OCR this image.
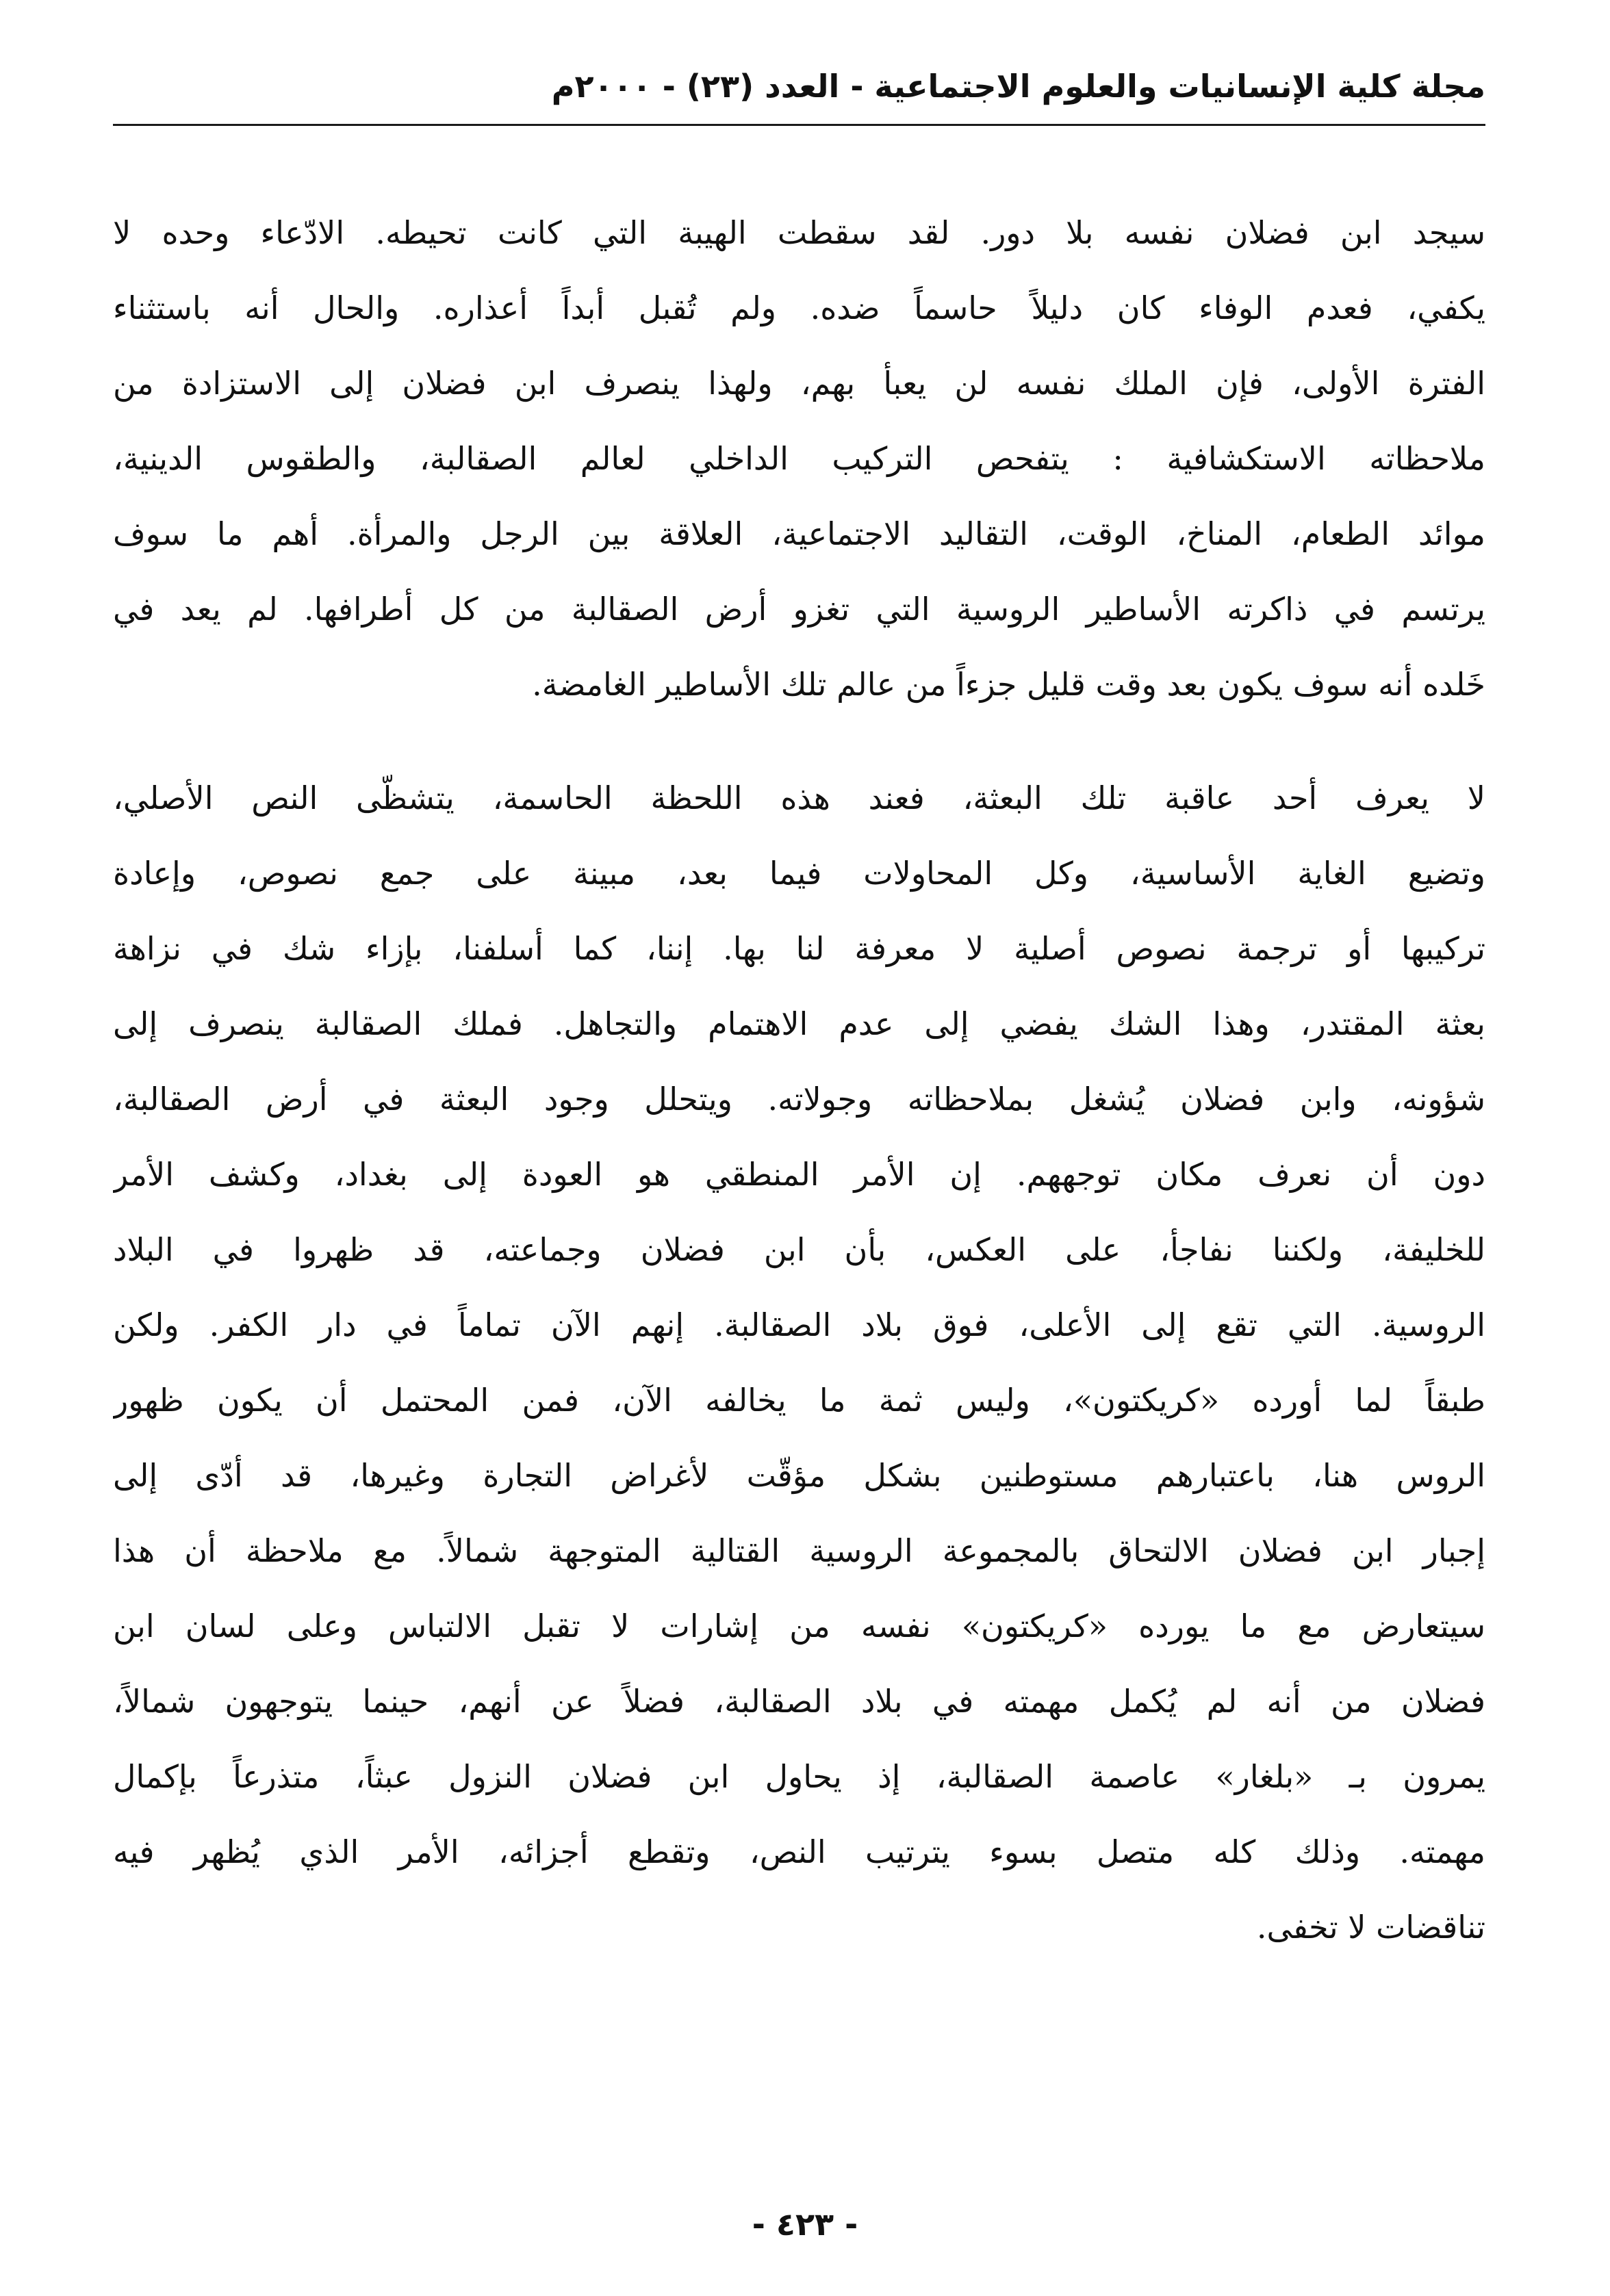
مجلة كلية الإنسانيات والعلوم الاجتماعية - العدد (٢٣) - ٢٠٠٠م
سيجد ابن فضلان نفسه بلا دور. لقد سقطت الهيبة التي كانت تحيطه. الادّعاء وحده لا
يكفي، فعدم الوفاء كان دليلاً حاسماً ضده. ولم تُقبل أبداً أعذاره. والحال أنه باستثناء
الفترة الأولى، فإن الملك نفسه لن يعبأ بهم، ولهذا ينصرف ابن فضلان إلى الاستزادة من
ملاحظاته الاستكشافية : يتفحص التركيب الداخلي لعالم الصقالبة، والطقوس الدينية،
موائد الطعام، المناخ، الوقت، التقاليد الاجتماعية، العلاقة بين الرجل والمرأة. أهم ما سوف
يرتسم في ذاكرته الأساطير الروسية التي تغزو أرض الصقالبة من كل أطرافها. لم يعد في
خَلده أنه سوف يكون بعد وقت قليل جزءاً من عالم تلك الأساطير الغامضة.
لا يعرف أحد عاقبة تلك البعثة، فعند هذه اللحظة الحاسمة، يتشظّى النص الأصلي،
وتضيع الغاية الأساسية، وكل المحاولات فيما بعد، مبينة على جمع نصوص، وإعادة
تركيبها أو ترجمة نصوص أصلية لا معرفة لنا بها. إننا، كما أسلفنا، بإزاء شك في نزاهة
بعثة المقتدر، وهذا الشك يفضي إلى عدم الاهتمام والتجاهل. فملك الصقالبة ينصرف إلى
شؤونه، وابن فضلان يُشغل بملاحظاته وجولاته. ويتحلل وجود البعثة في أرض الصقالبة،
دون أن نعرف مكان توجههم. إن الأمر المنطقي هو العودة إلى بغداد، وكشف الأمر
للخليفة، ولكننا نفاجأ، على العكس، بأن ابن فضلان وجماعته، قد ظهروا في البلاد
الروسية. التي تقع إلى الأعلى، فوق بلاد الصقالبة. إنهم الآن تماماً في دار الكفر. ولكن
طبقاً لما أورده «كريكتون»، وليس ثمة ما يخالفه الآن، فمن المحتمل أن يكون ظهور
الروس هنا، باعتبارهم مستوطنين بشكل مؤقّت لأغراض التجارة وغيرها، قد أدّى إلى
إجبار ابن فضلان الالتحاق بالمجموعة الروسية القتالية المتوجهة شمالاً. مع ملاحظة أن هذا
سيتعارض مع ما يورده «كريكتون» نفسه من إشارات لا تقبل الالتباس وعلى لسان ابن
فضلان من أنه لم يُكمل مهمته في بلاد الصقالبة، فضلاً عن أنهم، حينما يتوجهون شمالاً،
يمرون بـ «بلغار» عاصمة الصقالبة، إذ يحاول ابن فضلان النزول عبثاً، متذرعاً بإكمال
مهمته. وذلك كله متصل بسوء يترتيب النص، وتقطع أجزائه، الأمر الذي يُظهر فيه
تناقضات لا تخفى.
- ٤٢٣ -
